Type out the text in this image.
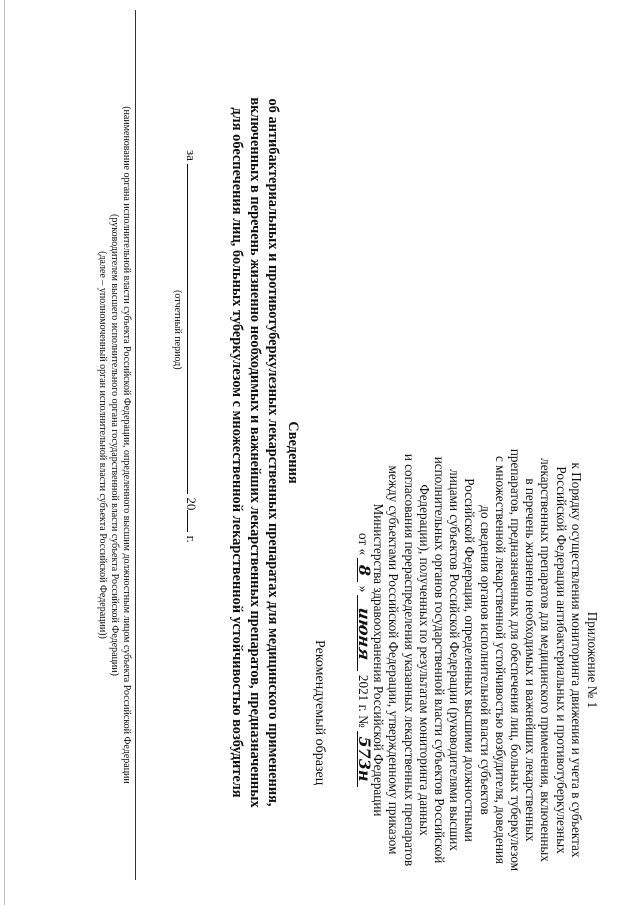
Приложение № 1
к Порядку осуществления мониторинга движения и учета в субъектах
Российской Федерации антибактериальных и противотуберкулезных
лекарственных препаратов для медицинского применения, включенных
в перечень жизненно необходимых и важнейших лекарственных
препаратов, предназначенных для обеспечения лиц, больных туберкулезом
с множественной лекарственной устойчивостью возбудителя, доведения
до сведения органов исполнительной власти субъектов
Российской Федерации, определенных высшими должностными
лицами субъектов Российской Федерации (руководителями высших
исполнительных органов государственной власти субъектов Российской
Федерации), полученных по результатам мониторинга данных
и согласования перераспределения указанных лекарственных препаратов
между субъектами Российской Федерации, утвержденному приказом
Министерства здравоохранения Российской Федерации
от « 8 » июня 2021 г. № 573н
Рекомендуемый образец
Сведения
об антибактериальных и противотуберкулезных лекарственных препаратах для медицинского применения,
включенных в перечень жизненно необходимых и важнейших лекарственных препаратов, предназначенных
для обеспечения лиц, больных туберкулезом с множественной лекарственной устойчивостью возбудителя
за  20 г.
(отчетный период)
(наименование органа исполнительной власти субъекта Российской Федерации, определенного высшим должностным лицом субъекта Российской Федерации
(руководителем высшего исполнительного органа государственной власти субъекта Российской Федерации)
(далее – уполномоченный орган исполнительной власти субъекта Российской Федерации))
